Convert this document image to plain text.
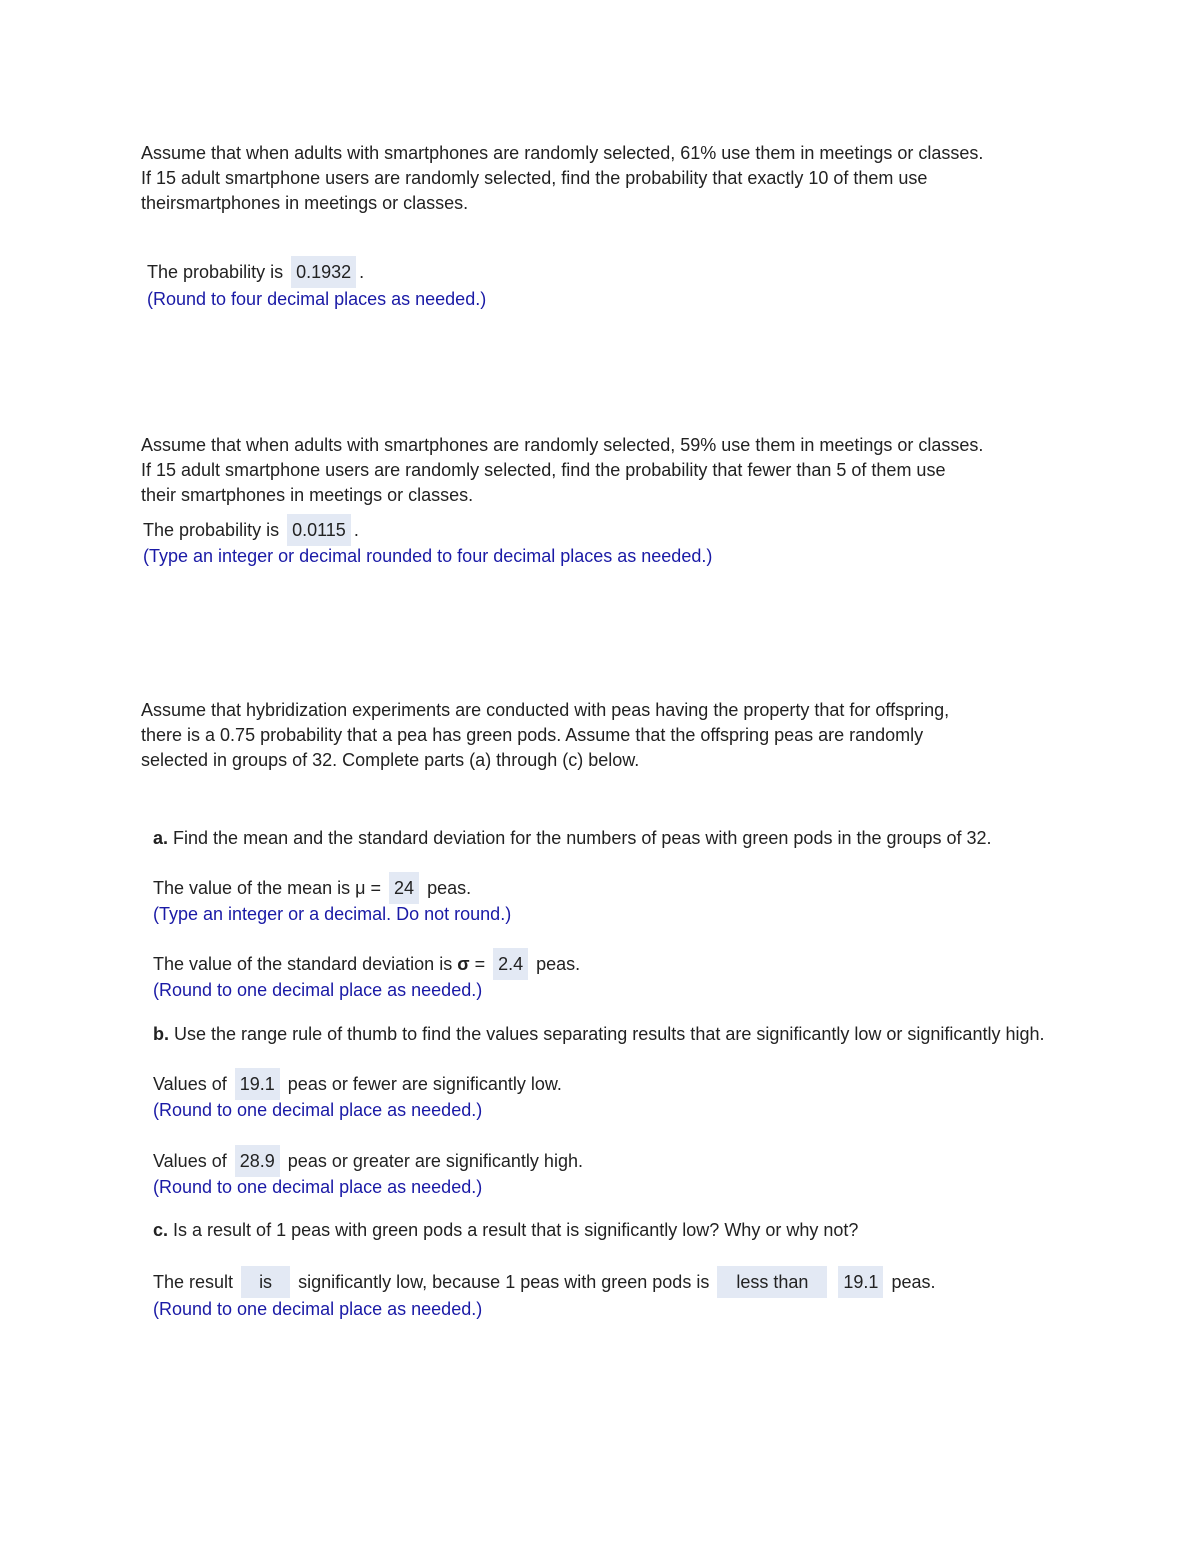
Assume that when adults with smartphones are randomly selected, 61% use them in meetings or classes.

If 15 adult smartphone users are randomly selected, find the probability that exactly 10 of them use

theirsmartphones in meetings or classes.

The probability is 0.1932 .
(Round to four decimal places as needed.)

Assume that when adults with smartphones are randomly selected, 59% use them in meetings or classes.

If 15 adult smartphone users are randomly selected, find the probability that fewer than 5 of them use

their smartphones in meetings or classes.

The probability is 0.0115 .
(Type an integer or decimal rounded to four decimal places as needed.)

Assume that hybridization experiments are conducted with peas having the property that for offspring,

there is a 0.75 probability that a pea has green pods. Assume that the offspring peas are randomly

selected in groups of 32. Complete parts (a) through (c) below.

a. Find the mean and the standard deviation for the numbers of peas with green pods in the groups of 32.
The value of the mean is μ = 24 peas.
(Type an integer or a decimal. Do not round.)
The value of the standard deviation is σ = 2.4 peas.
(Round to one decimal place as needed.)
b. Use the range rule of thumb to find the values separating results that are significantly low or significantly high.
Values of 19.1 peas or fewer are significantly low.
(Round to one decimal place as needed.)
Values of 28.9 peas or greater are significantly high.
(Round to one decimal place as needed.)
c. Is a result of 1 peas with green pods a result that is significantly low? Why or why not?
The result is significantly low, because 1 peas with green pods is less than 19.1 peas.
(Round to one decimal place as needed.)
